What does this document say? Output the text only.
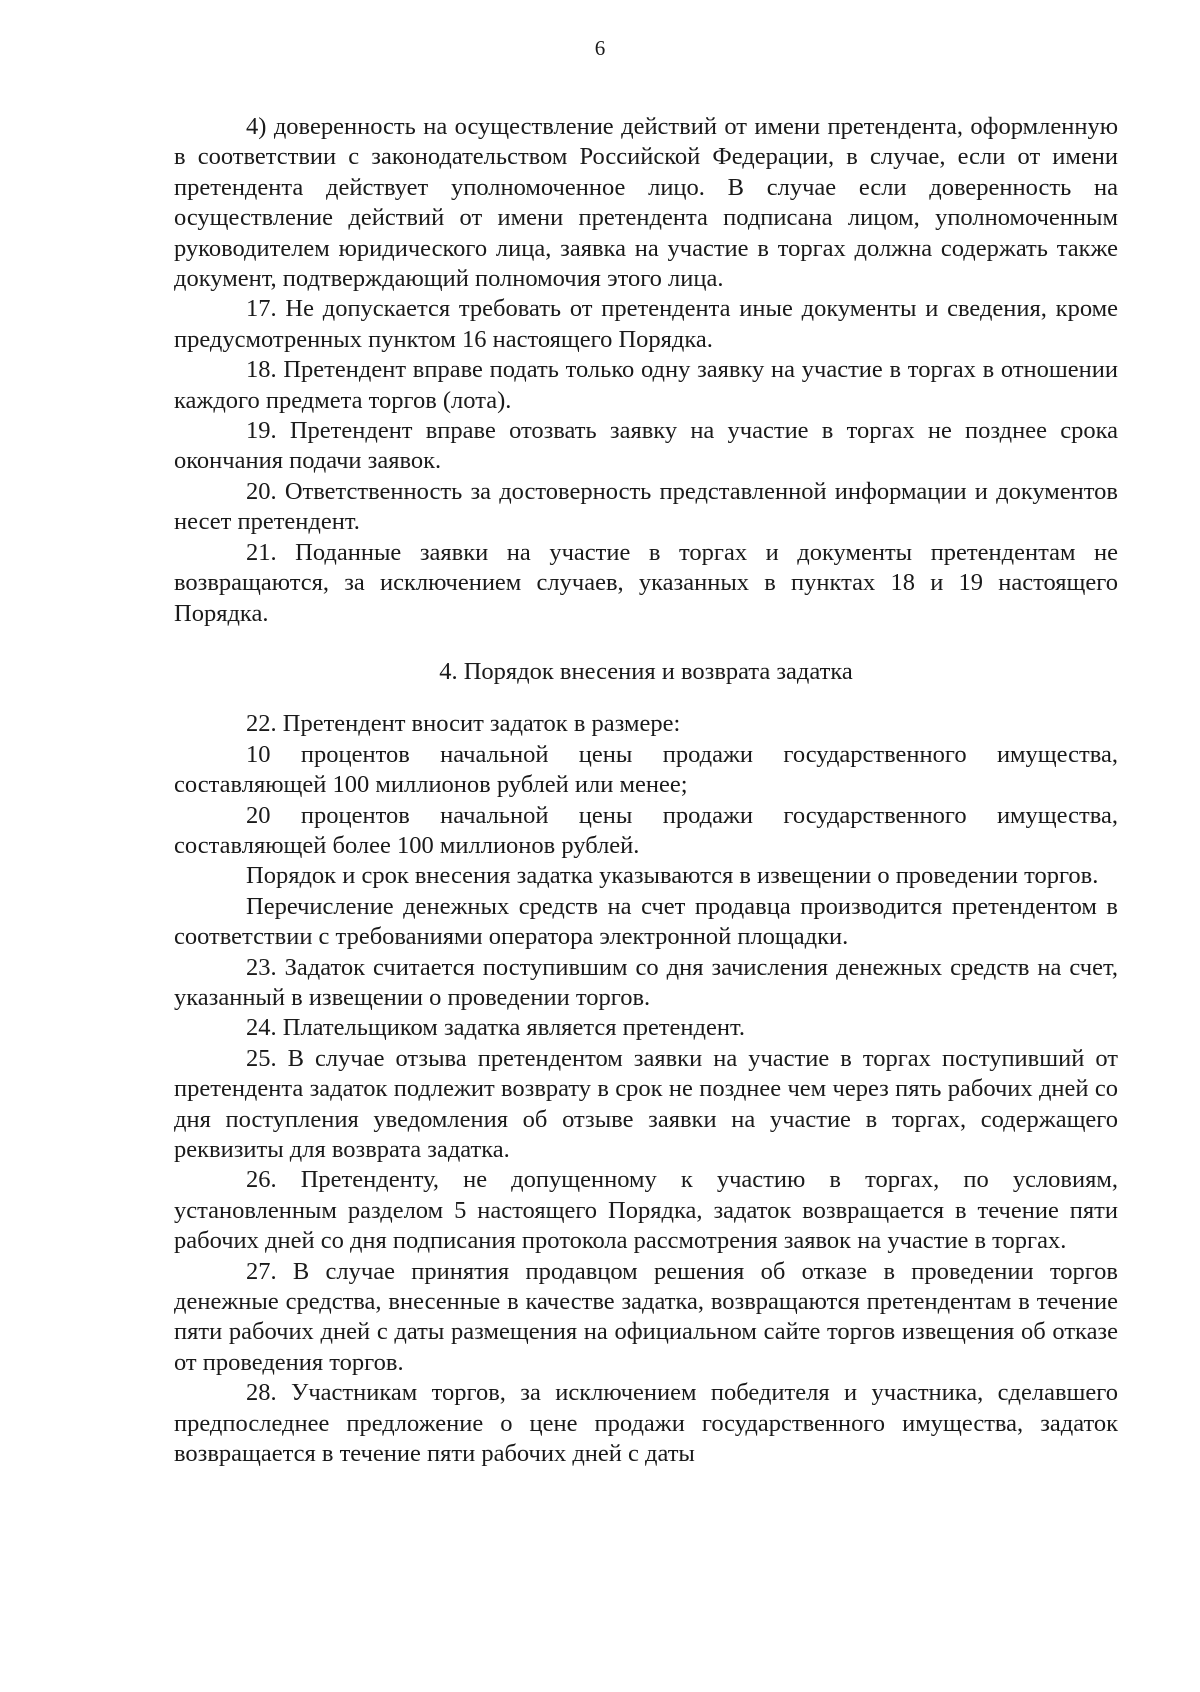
6

4) доверенность на осуществление действий от имени претендента, оформленную в соответствии с законодательством Российской Федерации, в случае, если от имени претендента действует уполномоченное лицо. В случае если доверенность на осуществление действий от имени претендента подписана лицом, уполномоченным руководителем юридического лица, заявка на участие в торгах должна содержать также документ, подтверждающий полномочия этого лица.

17. Не допускается требовать от претендента иные документы и сведения, кроме предусмотренных пунктом 16 настоящего Порядка.

18. Претендент вправе подать только одну заявку на участие в торгах в отношении каждого предмета торгов (лота).

19. Претендент вправе отозвать заявку на участие в торгах не позднее срока окончания подачи заявок.

20. Ответственность за достоверность представленной информации и документов несет претендент.

21. Поданные заявки на участие в торгах и документы претендентам не возвращаются, за исключением случаев, указанных в пунктах 18 и 19 настоящего Порядка.

4. Порядок внесения и возврата задатка

22. Претендент вносит задаток в размере:

10 процентов начальной цены продажи государственного имущества, составляющей 100 миллионов рублей или менее;

20 процентов начальной цены продажи государственного имущества, составляющей более 100 миллионов рублей.

Порядок и срок внесения задатка указываются в извещении о проведении торгов.

Перечисление денежных средств на счет продавца производится претендентом в соответствии с требованиями оператора электронной площадки.

23. Задаток считается поступившим со дня зачисления денежных средств на счет, указанный в извещении о проведении торгов.

24. Плательщиком задатка является претендент.

25. В случае отзыва претендентом заявки на участие в торгах поступивший от претендента задаток подлежит возврату в срок не позднее чем через пять рабочих дней со дня поступления уведомления об отзыве заявки на участие в торгах, содержащего реквизиты для возврата задатка.

26. Претенденту, не допущенному к участию в торгах, по условиям, установленным разделом 5 настоящего Порядка, задаток возвращается в течение пяти рабочих дней со дня подписания протокола рассмотрения заявок на участие в торгах.

27. В случае принятия продавцом решения об отказе в проведении торгов денежные средства, внесенные в качестве задатка, возвращаются претендентам в течение пяти рабочих дней с даты размещения на официальном сайте торгов извещения об отказе от проведения торгов.

28. Участникам торгов, за исключением победителя и участника, сделавшего предпоследнее предложение о цене продажи государственного имущества, задаток возвращается в течение пяти рабочих дней с даты
